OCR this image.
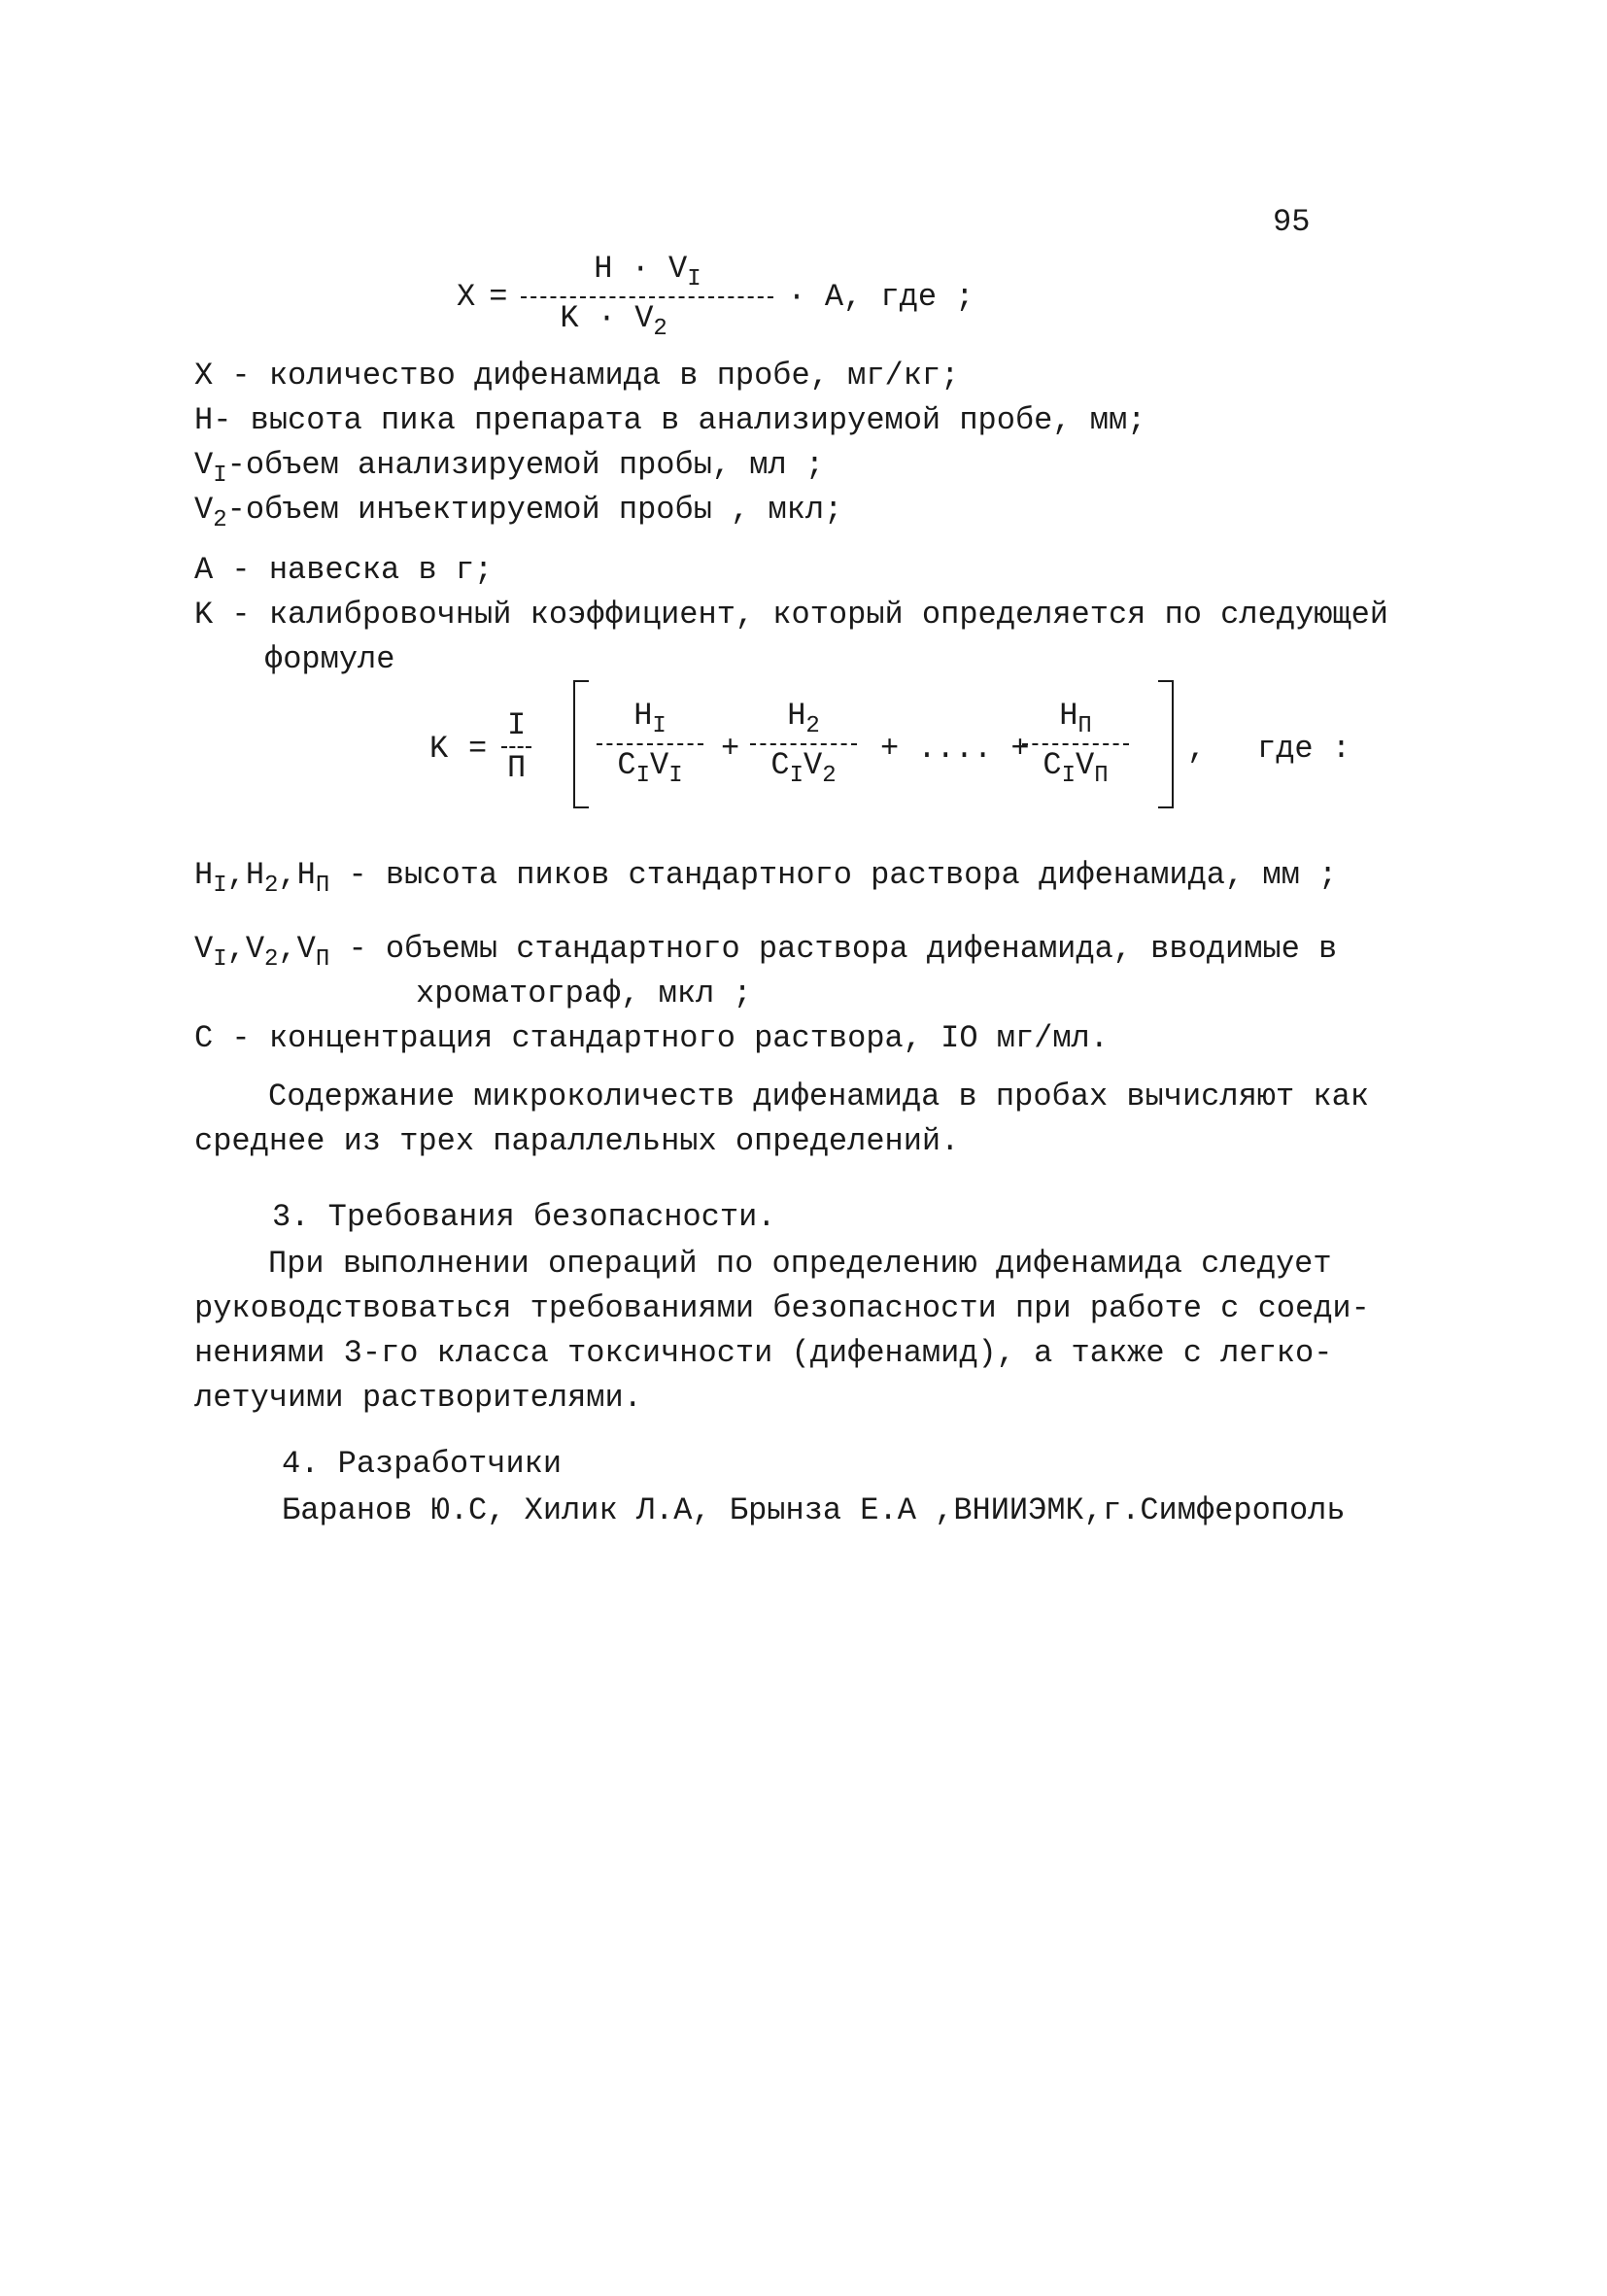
95
$X = \frac{H \cdot V_I}{K \cdot V_2} \cdot A$, где ;
X - количество дифенамида в пробе, мг/кг;
H- высота пика препарата в анализируемой пробе, мм;
$V_I$-объем анализируемой пробы, мл ;
$V_2$-объем инъектируемой пробы , мкл;
A - навеска в г;
K - калибровочный коэффициент, который определяется по следующей
формуле
K =
I
П
$H_I$
$C_IV_I$
+
$H_2$
$C_IV_2$
+ .... +
$H_П$
$C_IV_П$
, где :
$H_I,H_2,H_П$ - высота пиков стандартного раствора дифенамида, мм ;
$V_I,V_2,V_П$ - объемы стандартного раствора дифенамида, вводимые в
хроматограф, мкл ;
C - концентрация стандартного раствора, IO мг/мл.
Содержание микроколичеств дифенамида в пробах вычисляют как
среднее из трех параллельных определений.
3. Требования безопасности.
При выполнении операций по определению дифенамида следует
руководствоваться требованиями безопасности при работе с соеди-
нениями 3-го класса токсичности (дифенамид), а также с легко-
летучими растворителями.
4. Разработчики
Баранов Ю.С, Хилик Л.А, Брынза Е.А ,ВНИИЭМК,г.Симферополь
